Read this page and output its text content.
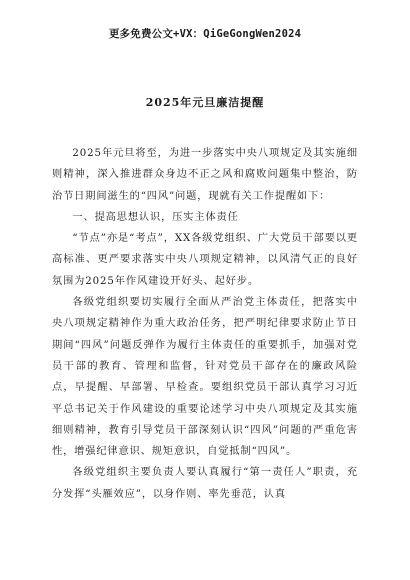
更多免费公文+VX：QiGeGongWen2024
2025年元旦廉洁提醒

2025年元旦将至，为进一步落实中央八项规定及其实施细则精神，深入推进群众身边不正之风和腐败问题集中整治，防治节日期间滋生的“四风”问题，现就有关工作提醒如下：

一、提高思想认识，压实主体责任

“节点”亦是“考点”，XX各级党组织、广大党员干部要以更高标准、更严要求落实中央八项规定精神，以风清气正的良好氛围为2025年作风建设开好头、起好步。

各级党组织要切实履行全面从严治党主体责任，把落实中央八项规定精神作为重大政治任务，把严明纪律要求防止节日期间“四风”问题反弹作为履行主体责任的重要抓手，加强对党员干部的教育、管理和监督，针对党员干部存在的廉政风险点，早提醒、早部署、早检查。要组织党员干部认真学习习近平总书记关于作风建设的重要论述学习中央八项规定及其实施细则精神，教育引导党员干部深刻认识“四风”问题的严重危害性，增强纪律意识、规矩意识，自觉抵制“四风”。

各级党组织主要负责人要认真履行“第一责任人”职责，充分发挥“头雁效应”，以身作则、率先垂范，认真
